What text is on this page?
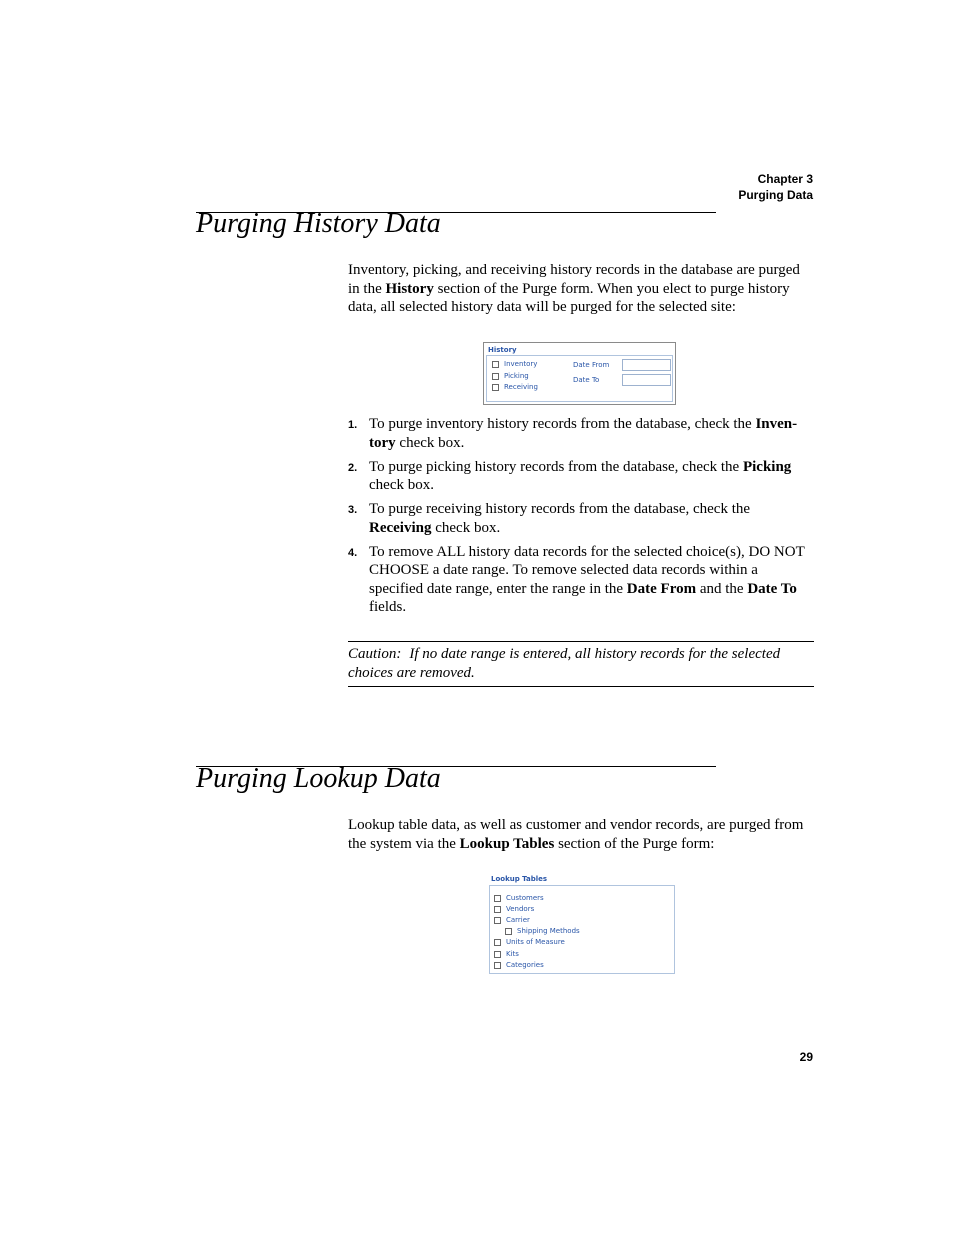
Chapter 3
Purging Data
Purging History Data
Inventory, picking, and receiving history records in the database are purged in the History section of the Purge form. When you elect to purge history data, all selected history data will be purged for the selected site:
History
Inventory
Picking
Receiving
Date From
Date To
1. To purge inventory history records from the database, check the Inven-tory check box.
2. To purge picking history records from the database, check the Picking check box.
3. To purge receiving history records from the database, check the Receiving check box.
4. To remove ALL history data records for the selected choice(s), DO NOT CHOOSE a date range. To remove selected data records within a specified date range, enter the range in the Date From and the Date To fields.
Caution: If no date range is entered, all history records for the selected choices are removed.
Purging Lookup Data
Lookup table data, as well as customer and vendor records, are purged from the system via the Lookup Tables section of the Purge form:
Lookup Tables
Customers
Vendors
Carrier
Shipping Methods
Units of Measure
Kits
Categories
29
